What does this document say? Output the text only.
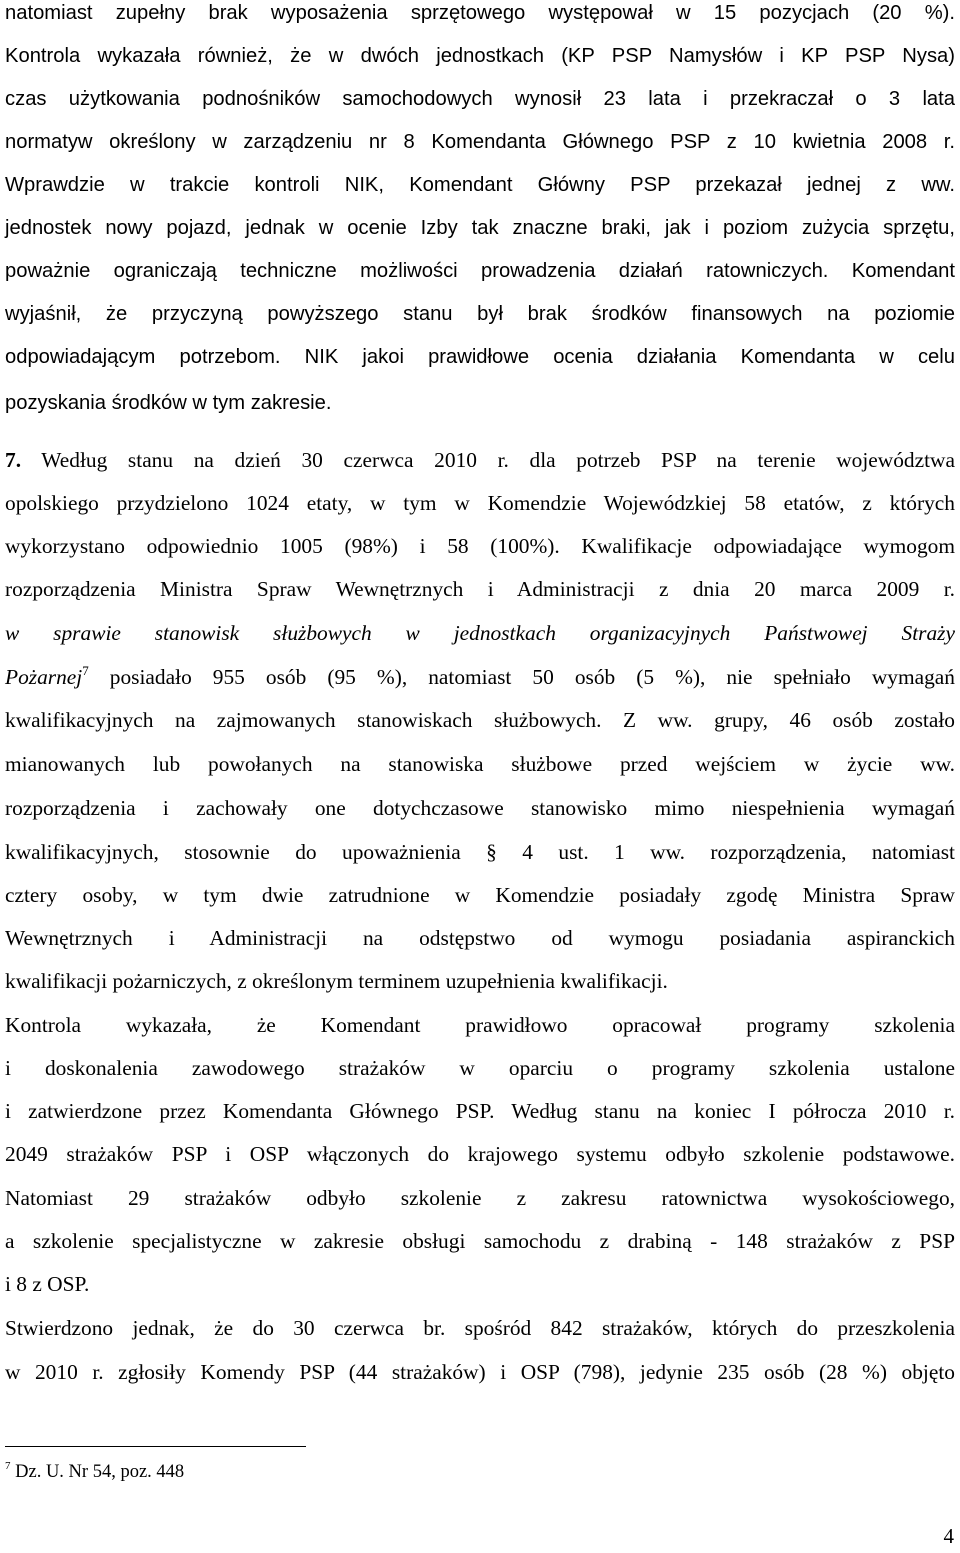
natomiast zupełny brak wyposażenia sprzętowego występował w 15 pozycjach (20 %).
Kontrola wykazała również, że w dwóch jednostkach (KP PSP Namysłów i KP PSP Nysa)
czas użytkowania podnośników samochodowych wynosił 23 lata i przekraczał o 3 lata
normatyw określony w zarządzeniu nr 8 Komendanta Głównego PSP z 10 kwietnia 2008 r.
Wprawdzie w trakcie kontroli NIK, Komendant Główny PSP przekazał jednej z ww.
jednostek nowy pojazd, jednak w ocenie Izby tak znaczne braki, jak i poziom zużycia sprzętu,
poważnie ograniczają techniczne możliwości prowadzenia działań ratowniczych. Komendant
wyjaśnił, że przyczyną powyższego stanu był brak środków finansowych na poziomie
odpowiadającym potrzebom. NIK jakoi prawidłowe ocenia działania Komendanta w celu
pozyskania środków w tym zakresie.
7. Według stanu na dzień 30 czerwca 2010 r. dla potrzeb PSP na terenie województwa
opolskiego przydzielono 1024 etaty, w tym w Komendzie Wojewódzkiej 58 etatów, z których
wykorzystano odpowiednio 1005 (98%) i 58 (100%). Kwalifikacje odpowiadające wymogom
rozporządzenia Ministra Spraw Wewnętrznych i Administracji z dnia 20 marca 2009 r.
w sprawie stanowisk służbowych w jednostkach organizacyjnych Państwowej Straży
Pożarnej$^7$ posiadało 955 osób (95 %), natomiast 50 osób (5 %), nie spełniało wymagań
kwalifikacyjnych na zajmowanych stanowiskach służbowych. Z ww. grupy, 46 osób zostało
mianowanych lub powołanych na stanowiska służbowe przed wejściem w życie ww.
rozporządzenia i zachowały one dotychczasowe stanowisko mimo niespełnienia wymagań
kwalifikacyjnych, stosownie do upoważnienia § 4 ust. 1 ww. rozporządzenia, natomiast
cztery osoby, w tym dwie zatrudnione w Komendzie posiadały zgodę Ministra Spraw
Wewnętrznych i Administracji na odstępstwo od wymogu posiadania aspiranckich
kwalifikacji pożarniczych, z określonym terminem uzupełnienia kwalifikacji.
Kontrola wykazała, że Komendant prawidłowo opracował programy szkolenia
i doskonalenia zawodowego strażaków w oparciu o programy szkolenia ustalone
i zatwierdzone przez Komendanta Głównego PSP. Według stanu na koniec I półrocza 2010 r.
2049 strażaków PSP i OSP włączonych do krajowego systemu odbyło szkolenie podstawowe.
Natomiast 29 strażaków odbyło szkolenie z zakresu ratownictwa wysokościowego,
a szkolenie specjalistyczne w zakresie obsługi samochodu z drabiną - 148 strażaków z PSP
i 8 z OSP.
Stwierdzono jednak, że do 30 czerwca br. spośród 842 strażaków, których do przeszkolenia
w 2010 r. zgłosiły Komendy PSP (44 strażaków) i OSP (798), jedynie 235 osób (28 %) objęto
$^7$ Dz. U. Nr 54, poz. 448
4
